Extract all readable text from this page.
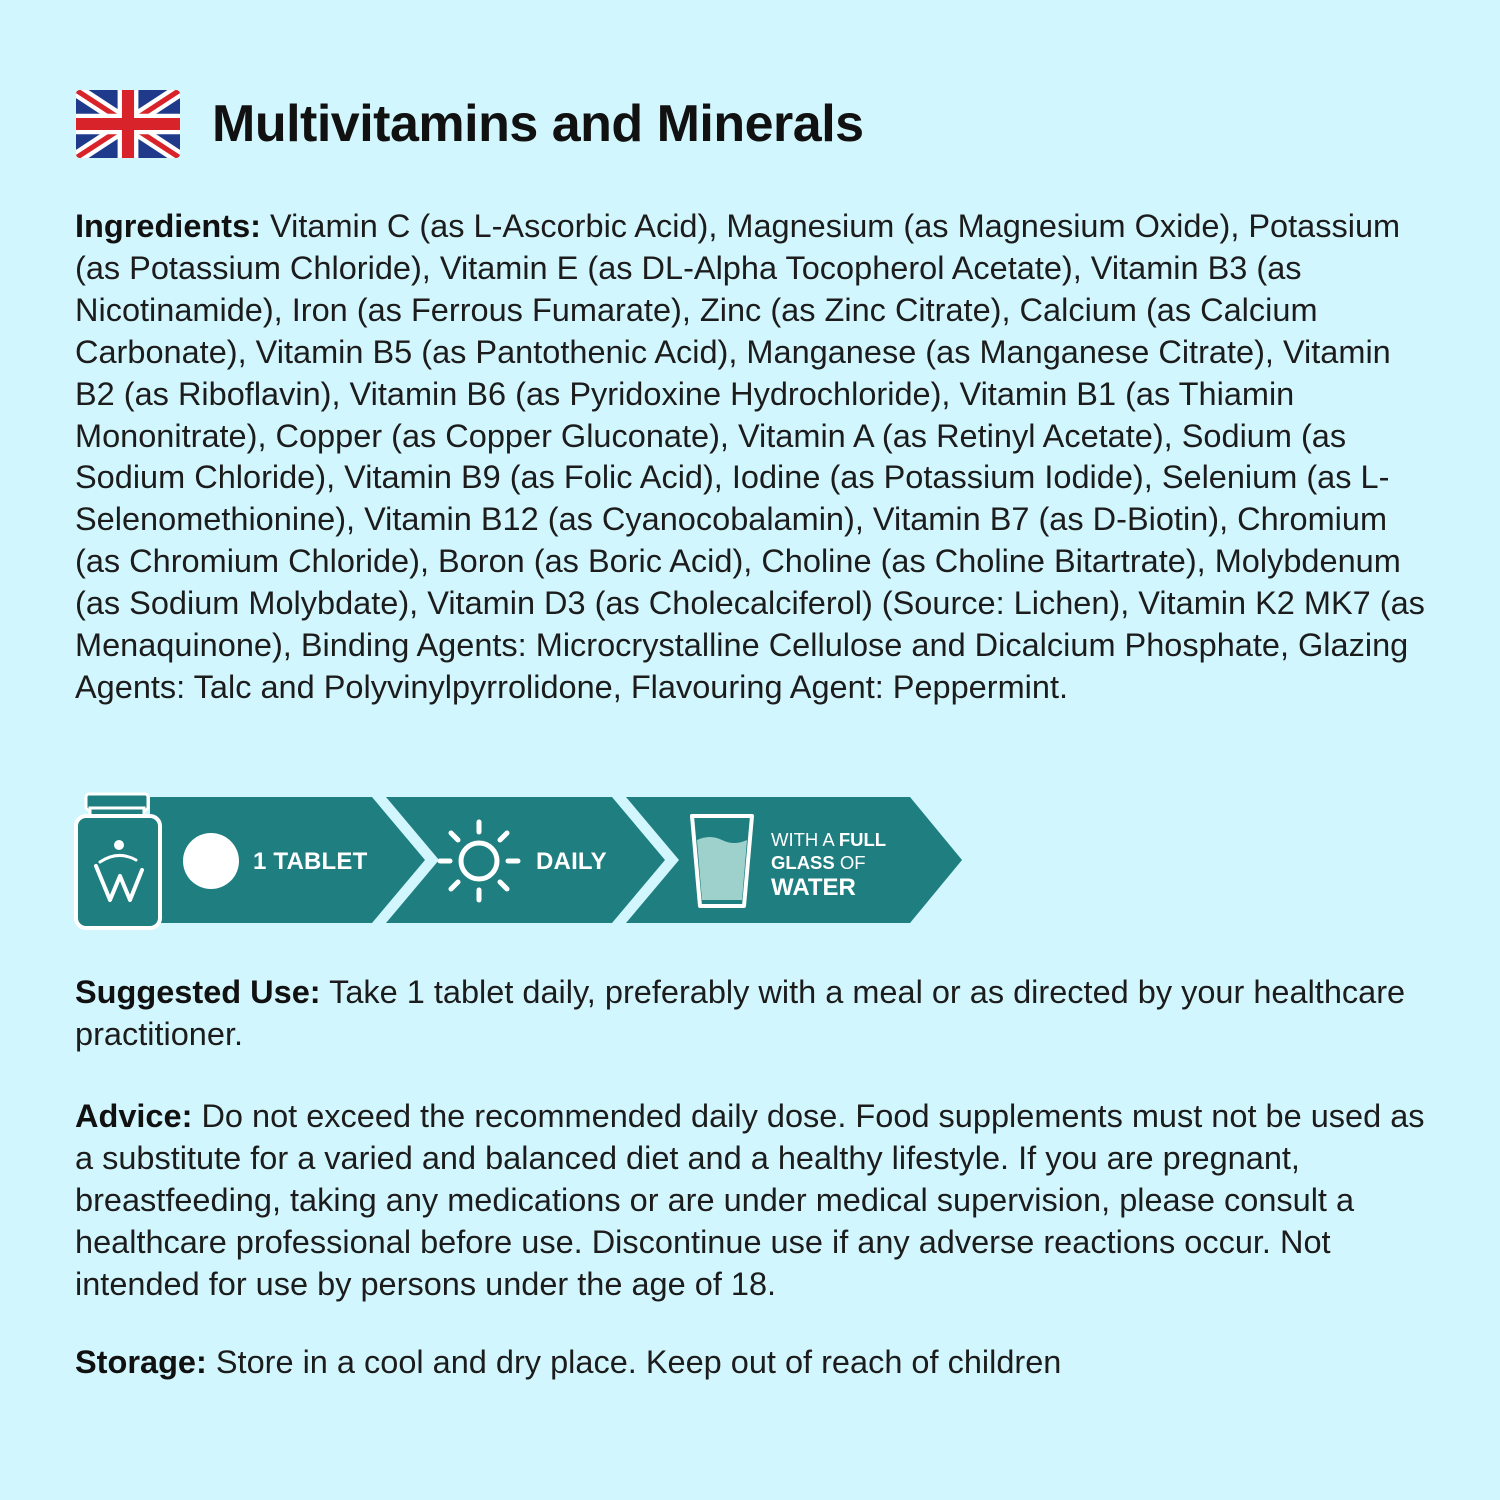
Multivitamins and Minerals

Ingredients: Vitamin C (as L-Ascorbic Acid), Magnesium (as Magnesium Oxide), Potassium (as Potassium Chloride), Vitamin E (as DL-Alpha Tocopherol Acetate), Vitamin B3 (as Nicotinamide), Iron (as Ferrous Fumarate), Zinc (as Zinc Citrate), Calcium (as Calcium Carbonate), Vitamin B5 (as Pantothenic Acid), Manganese (as Manganese Citrate), Vitamin B2 (as Riboflavin), Vitamin B6 (as Pyridoxine Hydrochloride), Vitamin B1 (as Thiamin Mononitrate), Copper (as Copper Gluconate), Vitamin A (as Retinyl Acetate), Sodium (as Sodium Chloride), Vitamin B9 (as Folic Acid), Iodine (as Potassium Iodide), Selenium (as L-Selenomethionine), Vitamin B12 (as Cyanocobalamin), Vitamin B7 (as D-Biotin), Chromium (as Chromium Chloride), Boron (as Boric Acid), Choline (as Choline Bitartrate), Molybdenum (as Sodium Molybdate), Vitamin D3 (as Cholecalciferol) (Source: Lichen), Vitamin K2 MK7 (as Menaquinone), Binding Agents: Microcrystalline Cellulose and Dicalcium Phosphate, Glazing Agents: Talc and Polyvinylpyrrolidone, Flavouring Agent: Peppermint.

1 TABLET	DAILY
WITH A FULL
GLASS OF
WATER

Suggested Use: Take 1 tablet daily, preferably with a meal or as directed by your healthcare practitioner.

Advice: Do not exceed the recommended daily dose. Food supplements must not be used as a substitute for a varied and balanced diet and a healthy lifestyle. If you are pregnant, breastfeeding, taking any medications or are under medical supervision, please consult a healthcare professional before use. Discontinue use if any adverse reactions occur. Not intended for use by persons under the age of 18.

Storage: Store in a cool and dry place. Keep out of reach of children
